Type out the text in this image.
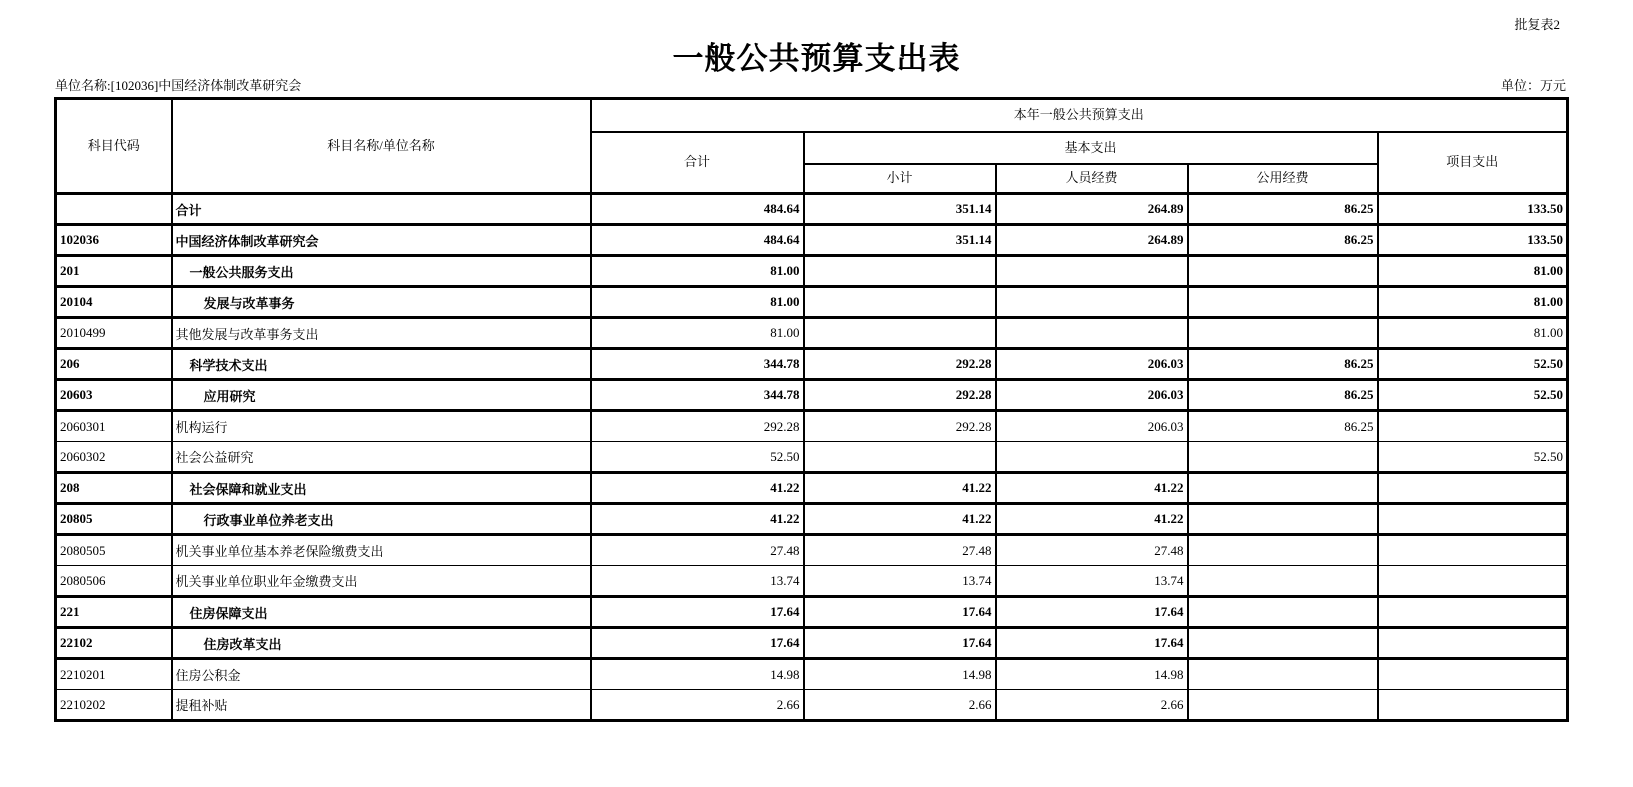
批复表2
一般公共预算支出表
单位名称:[102036]中国经济体制改革研究会	单位：万元
科目代码	科目名称/单位名称	本年一般公共预算支出				
		合计	基本支出			项目支出
			小计	人员经费	公用经费	
	合计	484.64	351.14	264.89	86.25	133.50
102036	中国经济体制改革研究会	484.64	351.14	264.89	86.25	133.50
201	一般公共服务支出	81.00				81.00
20104	发展与改革事务	81.00				81.00
2010499	其他发展与改革事务支出	81.00				81.00
206	科学技术支出	344.78	292.28	206.03	86.25	52.50
20603	应用研究	344.78	292.28	206.03	86.25	52.50
2060301	机构运行	292.28	292.28	206.03	86.25	
2060302	社会公益研究	52.50				52.50
208	社会保障和就业支出	41.22	41.22	41.22		
20805	行政事业单位养老支出	41.22	41.22	41.22		
2080505	机关事业单位基本养老保险缴费支出	27.48	27.48	27.48		
2080506	机关事业单位职业年金缴费支出	13.74	13.74	13.74		
221	住房保障支出	17.64	17.64	17.64		
22102	住房改革支出	17.64	17.64	17.64		
2210201	住房公积金	14.98	14.98	14.98		
2210202	提租补贴	2.66	2.66	2.66		
